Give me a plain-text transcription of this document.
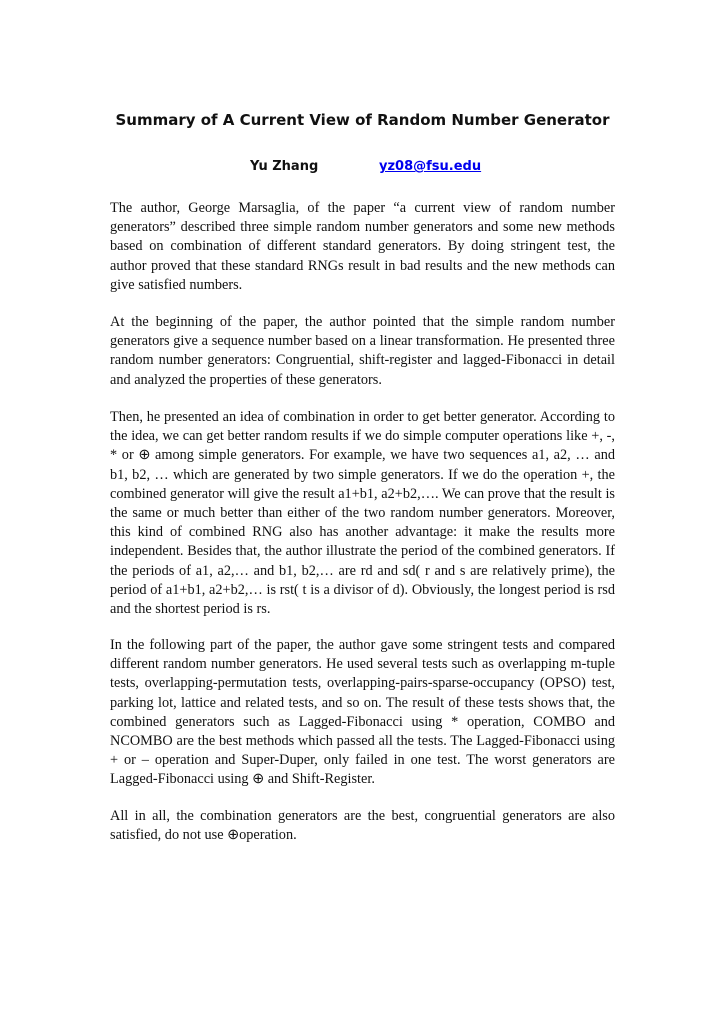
Summary of A Current View of Random Number Generator
Yu Zhang	yz08@fsu.edu

The author, George Marsaglia, of the paper “a current view of random number generators” described three simple random number generators and some new methods based on combination of different standard generators. By doing stringent test, the author proved that these standard RNGs result in bad results and the new methods can give satisfied numbers.

At the beginning of the paper, the author pointed that the simple random number generators give a sequence number based on a linear transformation. He presented three random number generators: Congruential, shift-register and lagged-Fibonacci in detail and analyzed the properties of these generators.

Then, he presented an idea of combination in order to get better generator. According to the idea, we can get better random results if we do simple computer operations like +, -, * or ⊕ among simple generators. For example, we have two sequences a1, a2, … and b1, b2, … which are generated by two simple generators. If we do the operation +, the combined generator will give the result a1+b1, a2+b2,…. We can prove that the result is the same or much better than either of the two random number generators. Moreover, this kind of combined RNG also has another advantage: it make the results more independent. Besides that, the author illustrate the period of the combined generators. If the periods of a1, a2,… and b1, b2,… are rd and sd( r and s are relatively prime), the period of a1+b1, a2+b2,… is rst( t is a divisor of d). Obviously, the longest period is rsd and the shortest period is rs.

In the following part of the paper, the author gave some stringent tests and compared different random number generators. He used several tests such as overlapping m-tuple tests, overlapping-permutation tests, overlapping-pairs-sparse-occupancy (OPSO) test, parking lot, lattice and related tests, and so on. The result of these tests shows that, the combined generators such as Lagged-Fibonacci using * operation, COMBO and NCOMBO are the best methods which passed all the tests. The Lagged-Fibonacci using + or – operation and Super-Duper, only failed in one test. The worst generators are Lagged-Fibonacci using ⊕ and Shift-Register.

All in all, the combination generators are the best, congruential generators are also satisfied, do not use ⊕operation.
